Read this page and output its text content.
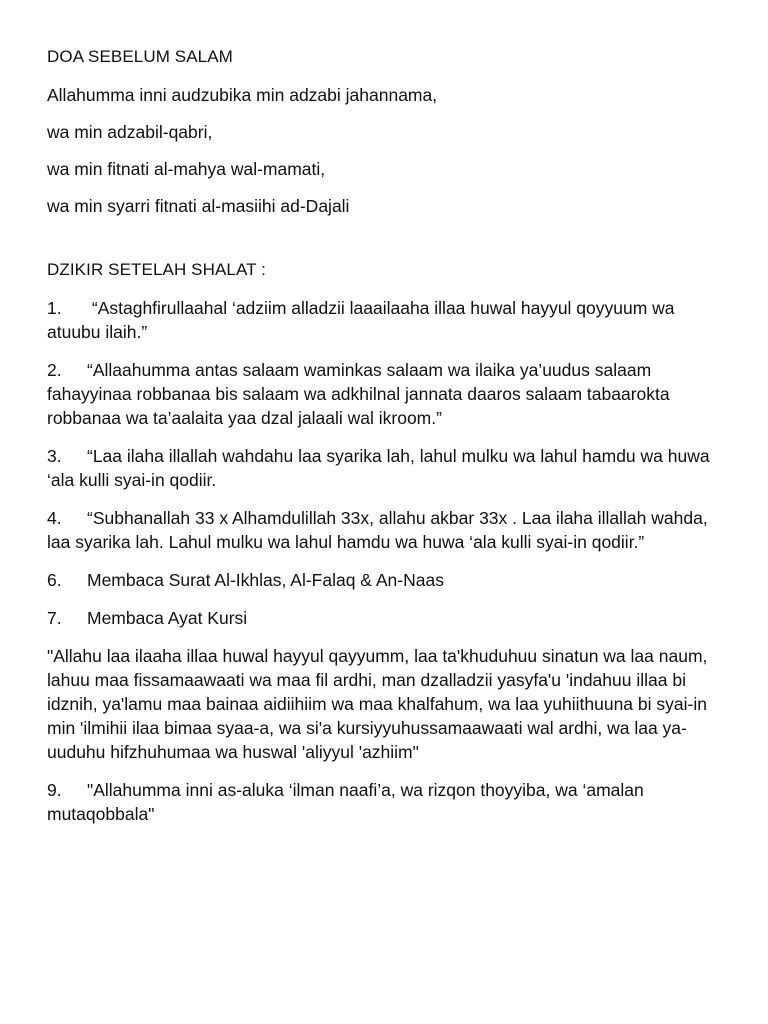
DOA SEBELUM SALAM

Allahumma inni audzubika min adzabi jahannama,

wa min adzabil-qabri,

wa min fitnati al-mahya wal-mamati,

wa min syarri fitnati al-masiihi ad-Dajali

DZIKIR SETELAH SHALAT :

1. “Astaghfirullaahal ‘adziim alladzii laaailaaha illaa huwal hayyul qoyyuum wa atuubu ilaih.”
2. “Allaahumma antas salaam waminkas salaam wa ilaika ya’uudus salaam fahayyinaa robbanaa bis salaam wa adkhilnal jannata daaros salaam tabaarokta robbanaa wa ta’aalaita yaa dzal jalaali wal ikroom.”
3. “Laa ilaha illallah wahdahu laa syarika lah, lahul mulku wa lahul hamdu wa huwa ‘ala kulli syai-in qodiir.
4. “Subhanallah 33 x Alhamdulillah 33x, allahu akbar 33x . Laa ilaha illallah wahda, laa syarika lah. Lahul mulku wa lahul hamdu wa huwa ‘ala kulli syai-in qodiir.”
6. Membaca Surat Al-Ikhlas, Al-Falaq & An-Naas
7. Membaca Ayat Kursi

"Allahu laa ilaaha illaa huwal hayyul qayyumm, laa ta'khuduhuu sinatun wa laa naum, lahuu maa fissamaawaati wa maa fil ardhi, man dzalladzii yasyfa'u 'indahuu illaa bi idznih, ya'lamu maa bainaa aidiihiim wa maa khalfahum, wa laa yuhiithuuna bi syai-in min 'ilmihii ilaa bimaa syaa-a, wa si'a kursiyyuhussamaawaati wal ardhi, wa laa ya-uuduhu hifzhuhumaa wa huswal 'aliyyul 'azhiim"

9. "Allahumma inni as-aluka ‘ilman naafi’a, wa rizqon thoyyiba, wa ‘amalan mutaqobbala"
